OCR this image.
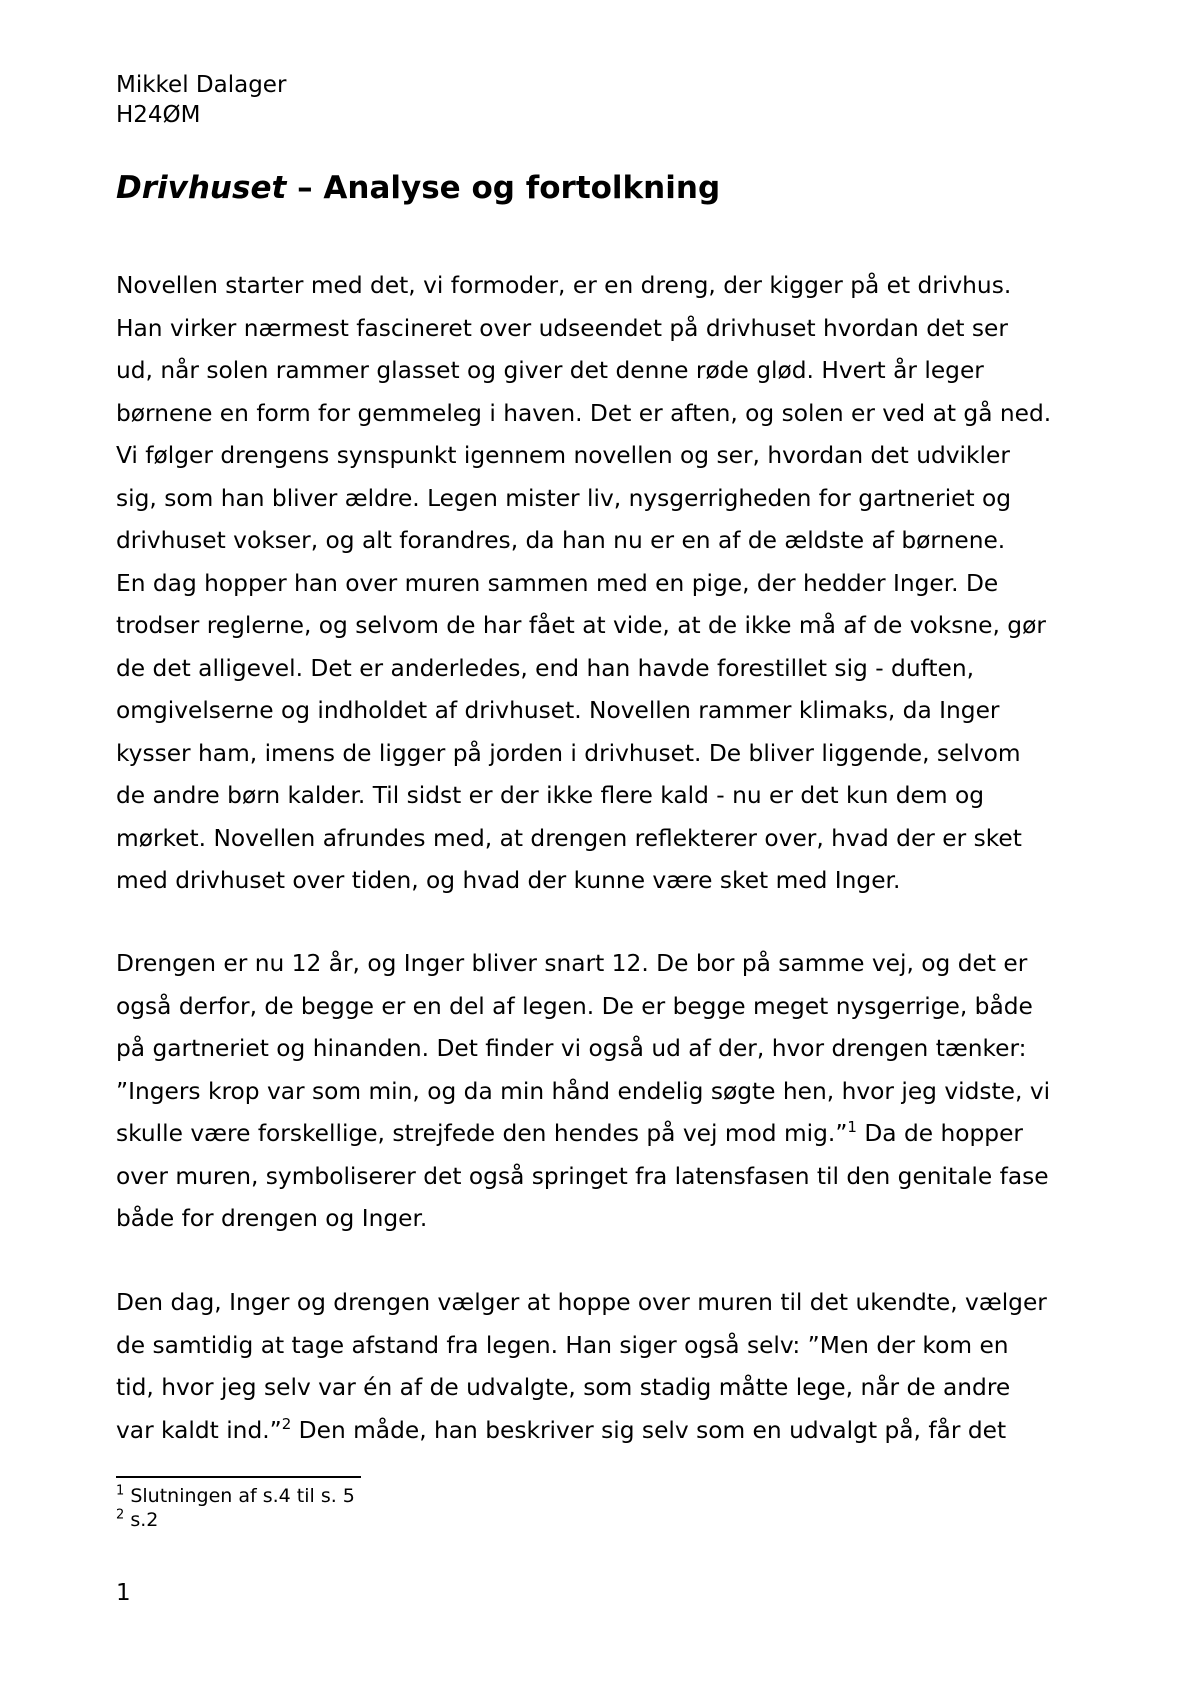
Mikkel Dalager
H24ØM
Drivhuset – Analyse og fortolkning
Novellen starter med det, vi formoder, er en dreng, der kigger på et drivhus.
Han virker nærmest fascineret over udseendet på drivhuset hvordan det ser
ud, når solen rammer glasset og giver det denne røde glød. Hvert år leger
børnene en form for gemmeleg i haven. Det er aften, og solen er ved at gå ned.
Vi følger drengens synspunkt igennem novellen og ser, hvordan det udvikler
sig, som han bliver ældre. Legen mister liv, nysgerrigheden for gartneriet og
drivhuset vokser, og alt forandres, da han nu er en af de ældste af børnene.
En dag hopper han over muren sammen med en pige, der hedder Inger. De
trodser reglerne, og selvom de har fået at vide, at de ikke må af de voksne, gør
de det alligevel. Det er anderledes, end han havde forestillet sig - duften,
omgivelserne og indholdet af drivhuset. Novellen rammer klimaks, da Inger
kysser ham, imens de ligger på jorden i drivhuset. De bliver liggende, selvom
de andre børn kalder. Til sidst er der ikke flere kald - nu er det kun dem og
mørket. Novellen afrundes med, at drengen reflekterer over, hvad der er sket
med drivhuset over tiden, og hvad der kunne være sket med Inger.
Drengen er nu 12 år, og Inger bliver snart 12. De bor på samme vej, og det er
også derfor, de begge er en del af legen. De er begge meget nysgerrige, både
på gartneriet og hinanden. Det finder vi også ud af der, hvor drengen tænker:
”Ingers krop var som min, og da min hånd endelig søgte hen, hvor jeg vidste, vi
skulle være forskellige, strejfede den hendes på vej mod mig.”$^1$ Da de hopper
over muren, symboliserer det også springet fra latensfasen til den genitale fase
både for drengen og Inger.
Den dag, Inger og drengen vælger at hoppe over muren til det ukendte, vælger
de samtidig at tage afstand fra legen. Han siger også selv: ”Men der kom en
tid, hvor jeg selv var én af de udvalgte, som stadig måtte lege, når de andre
var kaldt ind.”$^2$ Den måde, han beskriver sig selv som en udvalgt på, får det
$^1$ Slutningen af s.4 til s. 5
$^2$ s.2
1
